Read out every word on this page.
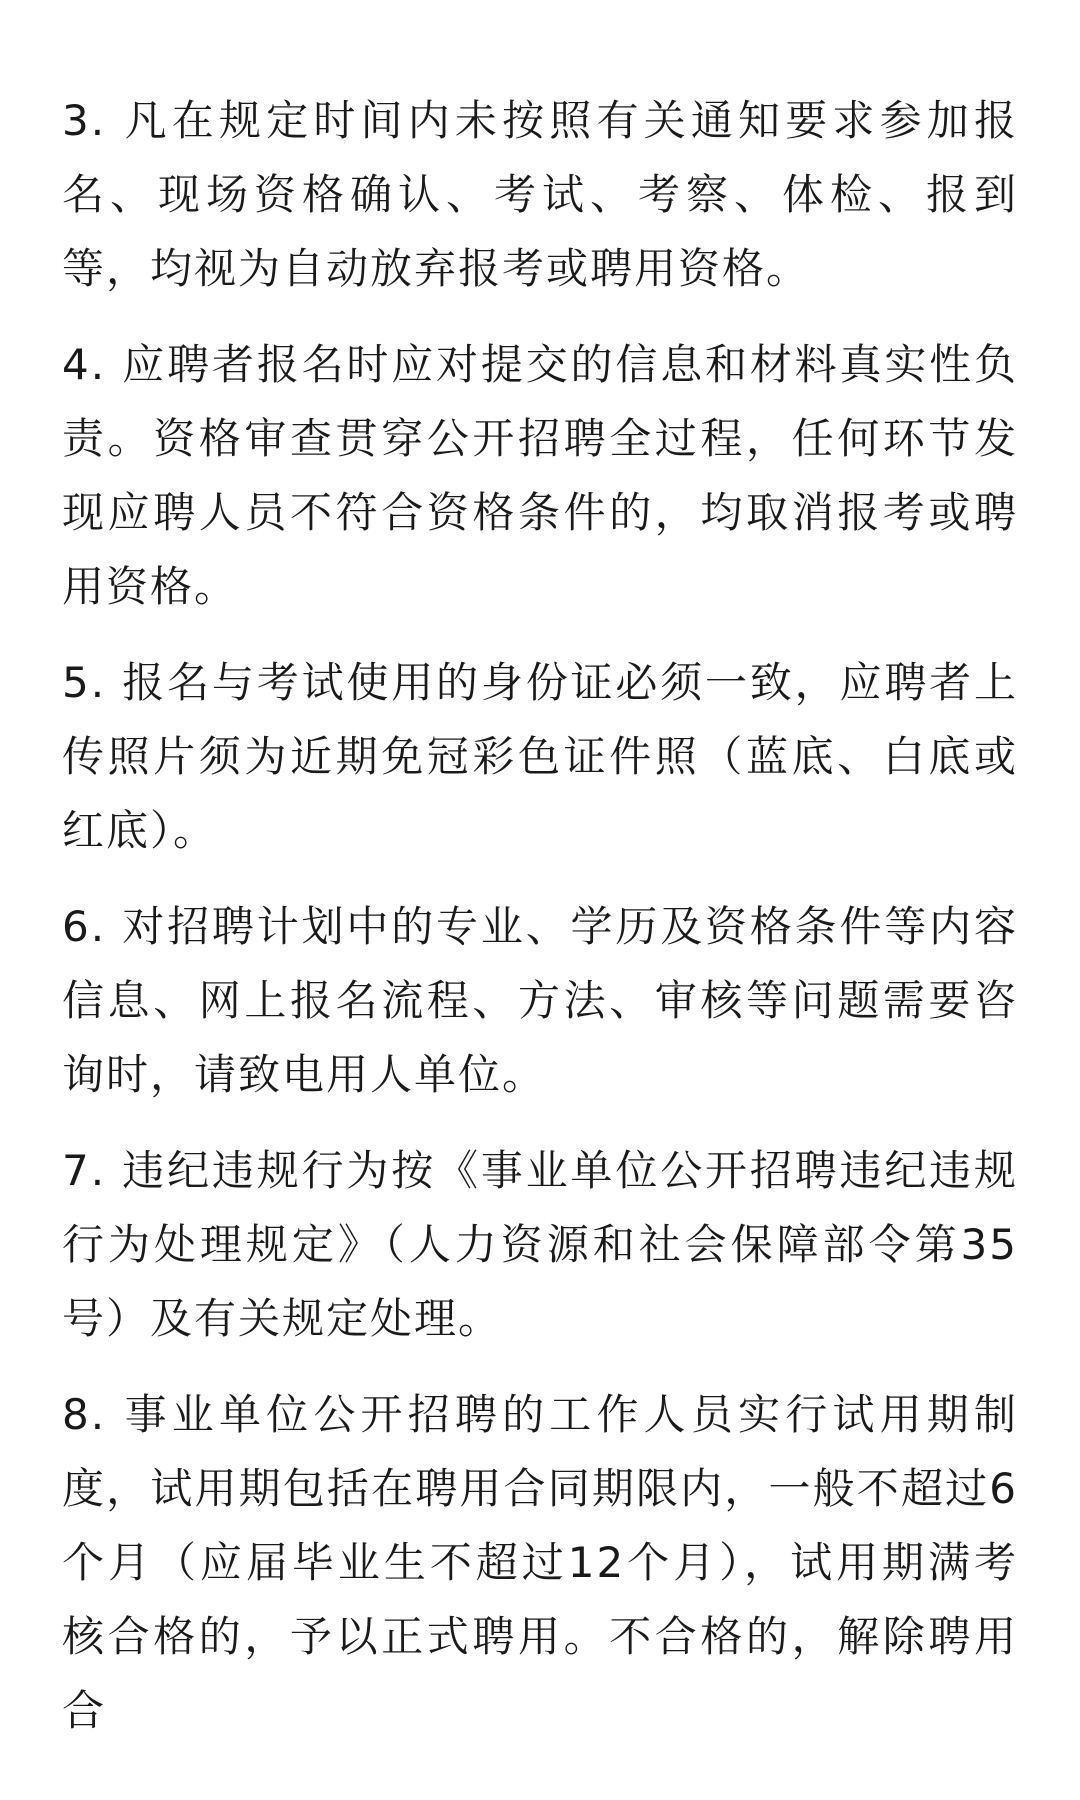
3. 凡在规定时间内未按照有关通知要求参加报名、现场资格确认、考试、考察、体检、报到等，均视为自动放弃报考或聘用资格。

4. 应聘者报名时应对提交的信息和材料真实性负责。资格审查贯穿公开招聘全过程，任何环节发现应聘人员不符合资格条件的，均取消报考或聘用资格。

5. 报名与考试使用的身份证必须一致，应聘者上传照片须为近期免冠彩色证件照（蓝底、白底或红底）。

6. 对招聘计划中的专业、学历及资格条件等内容信息、网上报名流程、方法、审核等问题需要咨询时，请致电用人单位。

7. 违纪违规行为按《事业单位公开招聘违纪违规行为处理规定》（人力资源和社会保障部令第35号）及有关规定处理。

8. 事业单位公开招聘的工作人员实行试用期制度，试用期包括在聘用合同期限内，一般不超过6个月（应届毕业生不超过12个月），试用期满考核合格的，予以正式聘用。不合格的，解除聘用合
